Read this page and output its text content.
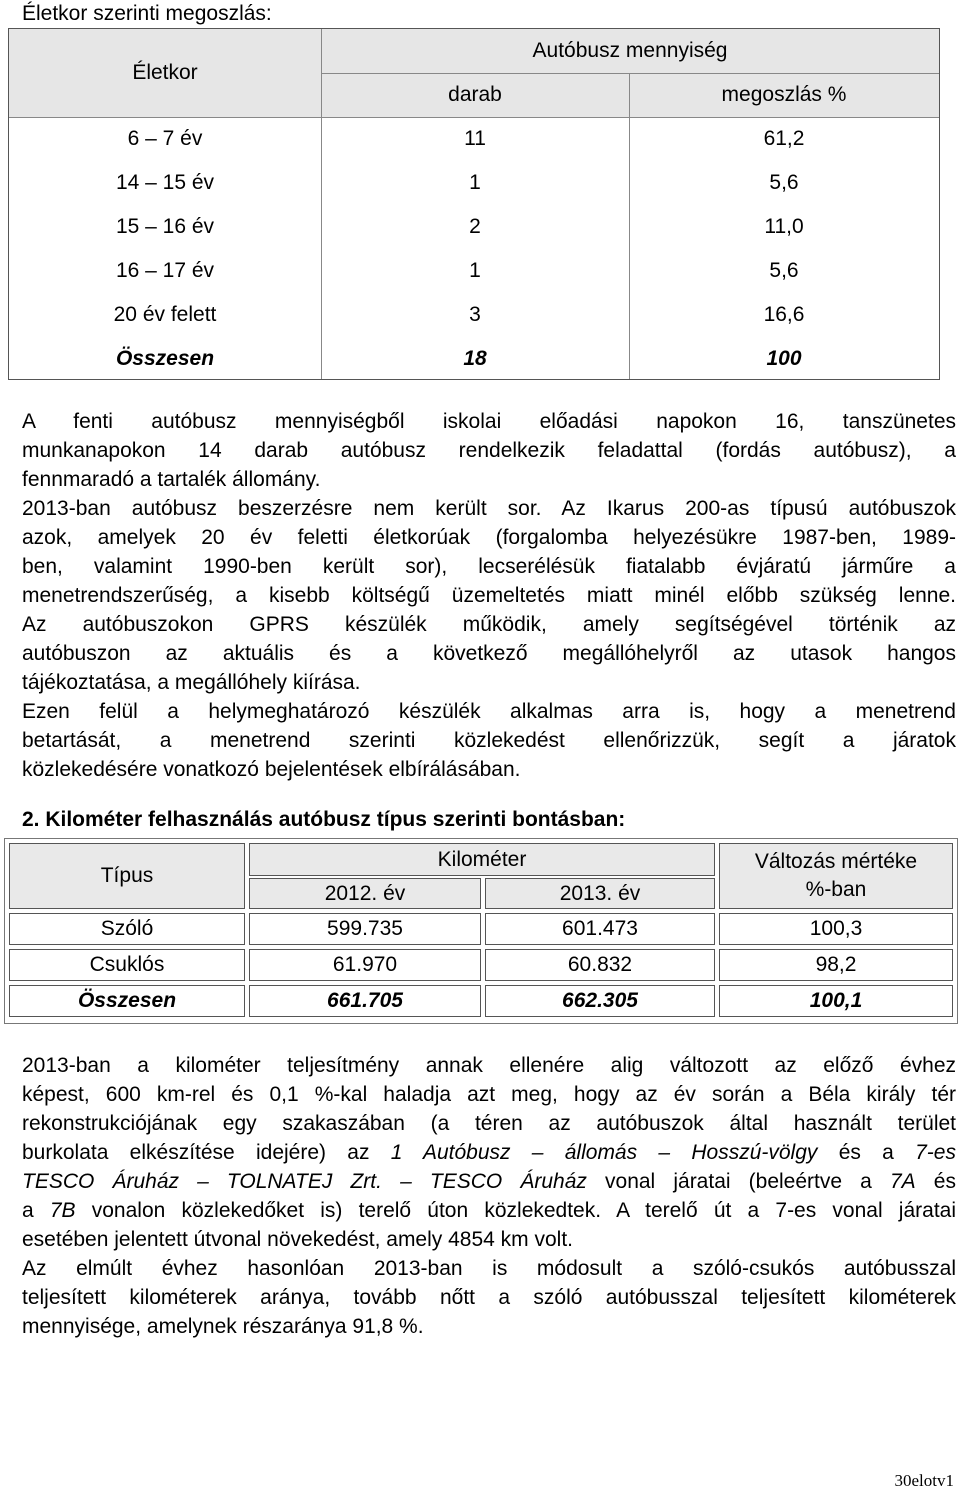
Életkor szerinti megoszlás:
Életkor
Autóbusz mennyiség
darab	megoszlás %
6 – 7 év	11	61,2
14 – 15 év	1	5,6
15 – 16 év	2	11,0
16 – 17 év	1	5,6
20 év felett	3	16,6
Összesen	18	100
A fenti autóbusz mennyiségből iskolai előadási napokon 16, tanszünetes
munkanapokon 14 darab autóbusz rendelkezik feladattal (fordás autóbusz), a
fennmaradó a tartalék állomány.
2013-ban autóbusz beszerzésre nem került sor. Az Ikarus 200-as típusú autóbuszok
azok, amelyek 20 év feletti életkorúak (forgalomba helyezésükre 1987-ben, 1989-
ben, valamint 1990-ben került sor), lecserélésük fiatalabb évjáratú járműre a
menetrendszerűség, a kisebb költségű üzemeltetés miatt minél előbb szükség lenne.
Az autóbuszokon GPRS készülék működik, amely segítségével történik az
autóbuszon az aktuális és a következő megállóhelyről az utasok hangos
tájékoztatása, a megállóhely kiírása.
Ezen felül a helymeghatározó készülék alkalmas arra is, hogy a menetrend
betartását, a menetrend szerinti közlekedést ellenőrizzük, segít a járatok
közlekedésére vonatkozó bejelentések elbírálásában.
2. Kilométer felhasználás autóbusz típus szerinti bontásban:
Típus
Kilométer
2012. év	2013. év
Változás mértéke
%-ban
Szóló	599.735	601.473	100,3
Csuklós	61.970	60.832	98,2
Összesen	661.705	662.305	100,1
2013-ban a kilométer teljesítmény annak ellenére alig változott az előző évhez
képest, 600 km-rel és 0,1 %-kal haladja azt meg, hogy az év során a Béla király tér
rekonstrukciójának egy szakaszában (a téren az autóbuszok által használt terület
burkolata elkészítése idejére) az 1 Autóbusz – állomás – Hosszú-völgy és a 7-es
TESCO Áruház – TOLNATEJ Zrt. – TESCO Áruház vonal járatai (beleértve a 7A és
a 7B vonalon közlekedőket is) terelő úton közlekedtek. A terelő út a 7-es vonal járatai
esetében jelentett útvonal növekedést, amely 4854 km volt.
Az elmúlt évhez hasonlóan 2013-ban is módosult a szóló-csukós autóbusszal
teljesített kilométerek aránya, tovább nőtt a szóló autóbusszal teljesített kilométerek
mennyisége, amelynek részaránya 91,8 %.
30elotv1
